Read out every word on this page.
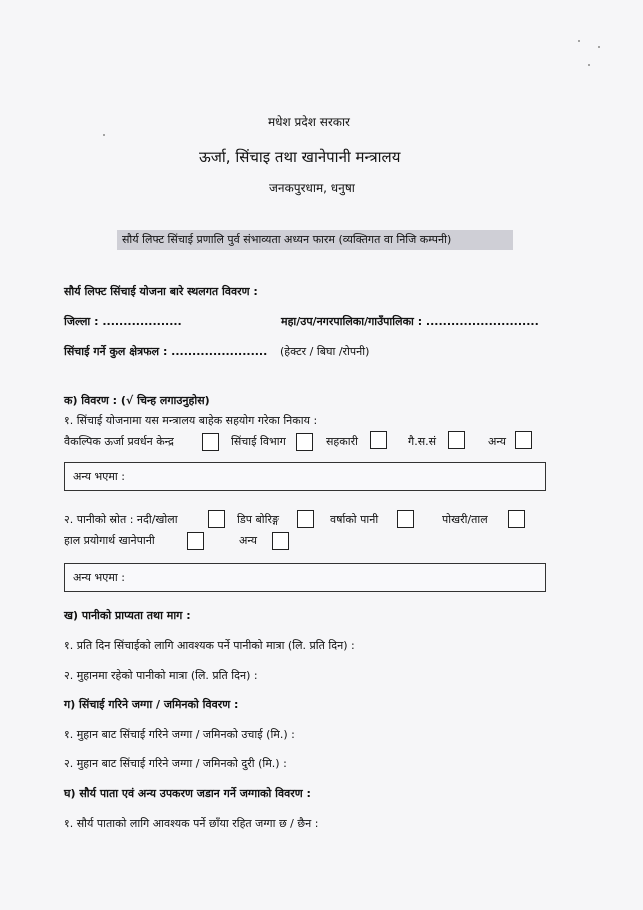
मधेश प्रदेश सरकार
ऊर्जा, सिंचाइ तथा खानेपानी मन्त्रालय
जनकपुरधाम, धनुषा
सौर्य लिफ्ट सिंचाई प्रणालि पुर्व संभाव्यता अध्यन फारम (व्यक्तिगत वा निजि कम्पनी)
सौर्य लिफ्ट सिंचाई योजना बारे स्थलगत विवरण :
जिल्ला : ...................	महा/उप/नगरपालिका/गाउँपालिका : ...........................
सिंचाई गर्ने कुल क्षेत्रफल : ....................... (हेक्टर / बिघा /रोपनी)
क) विवरण : (√ चिन्ह लगाउनुहोस)
१. सिंचाई योजनामा यस मन्त्रालय बाहेक सहयोग गरेका निकाय :
वैकल्पिक ऊर्जा प्रवर्धन केन्द्र	सिंचाई विभाग	सहकारी	गै.स.सं	अन्य
अन्य भएमा :
२. पानीको स्रोत : नदी/खोला	डिप बोरिङ्ग	वर्षाको पानी	पोखरी/ताल
हाल प्रयोगार्थ खानेपानी	अन्य
अन्य भएमा :
ख) पानीको प्राप्यता तथा माग :
१. प्रति दिन सिंचाईको लागि आवश्यक पर्ने पानीको मात्रा (लि. प्रति दिन) :
२. मुहानमा रहेको पानीको मात्रा (लि. प्रति दिन) :
ग) सिंचाई गरिने जग्गा / जमिनको विवरण :
१. मुहान बाट सिंचाई गरिने जग्गा / जमिनको उचाई (मि.) :
२. मुहान बाट सिंचाई गरिने जग्गा / जमिनको दुरी (मि.) :
घ) सौर्य पाता एवं अन्य उपकरण जडान गर्ने जग्गाको विवरण :
१. सौर्य पाताको लागि आवश्यक पर्ने छाँया रहित जग्गा छ / छैन :
